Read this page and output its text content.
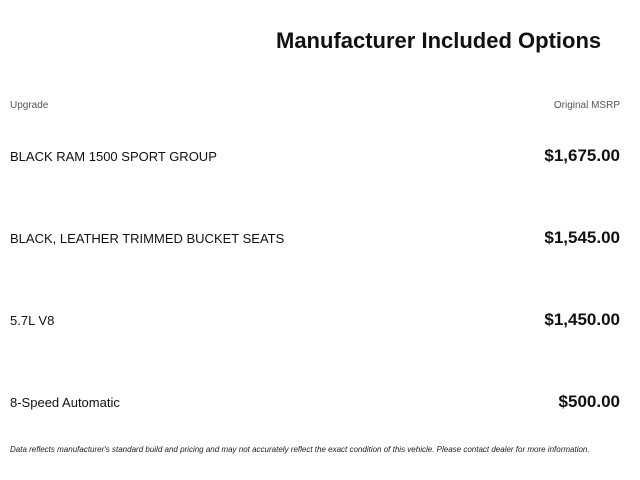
Manufacturer Included Options
Upgrade	Original MSRP
BLACK RAM 1500 SPORT GROUP	$1,675.00
BLACK, LEATHER TRIMMED BUCKET SEATS	$1,545.00
5.7L V8	$1,450.00
8-Speed Automatic	$500.00
Data reflects manufacturer's standard build and pricing and may not accurately reflect the exact condition of this vehicle. Please contact dealer for more information.
